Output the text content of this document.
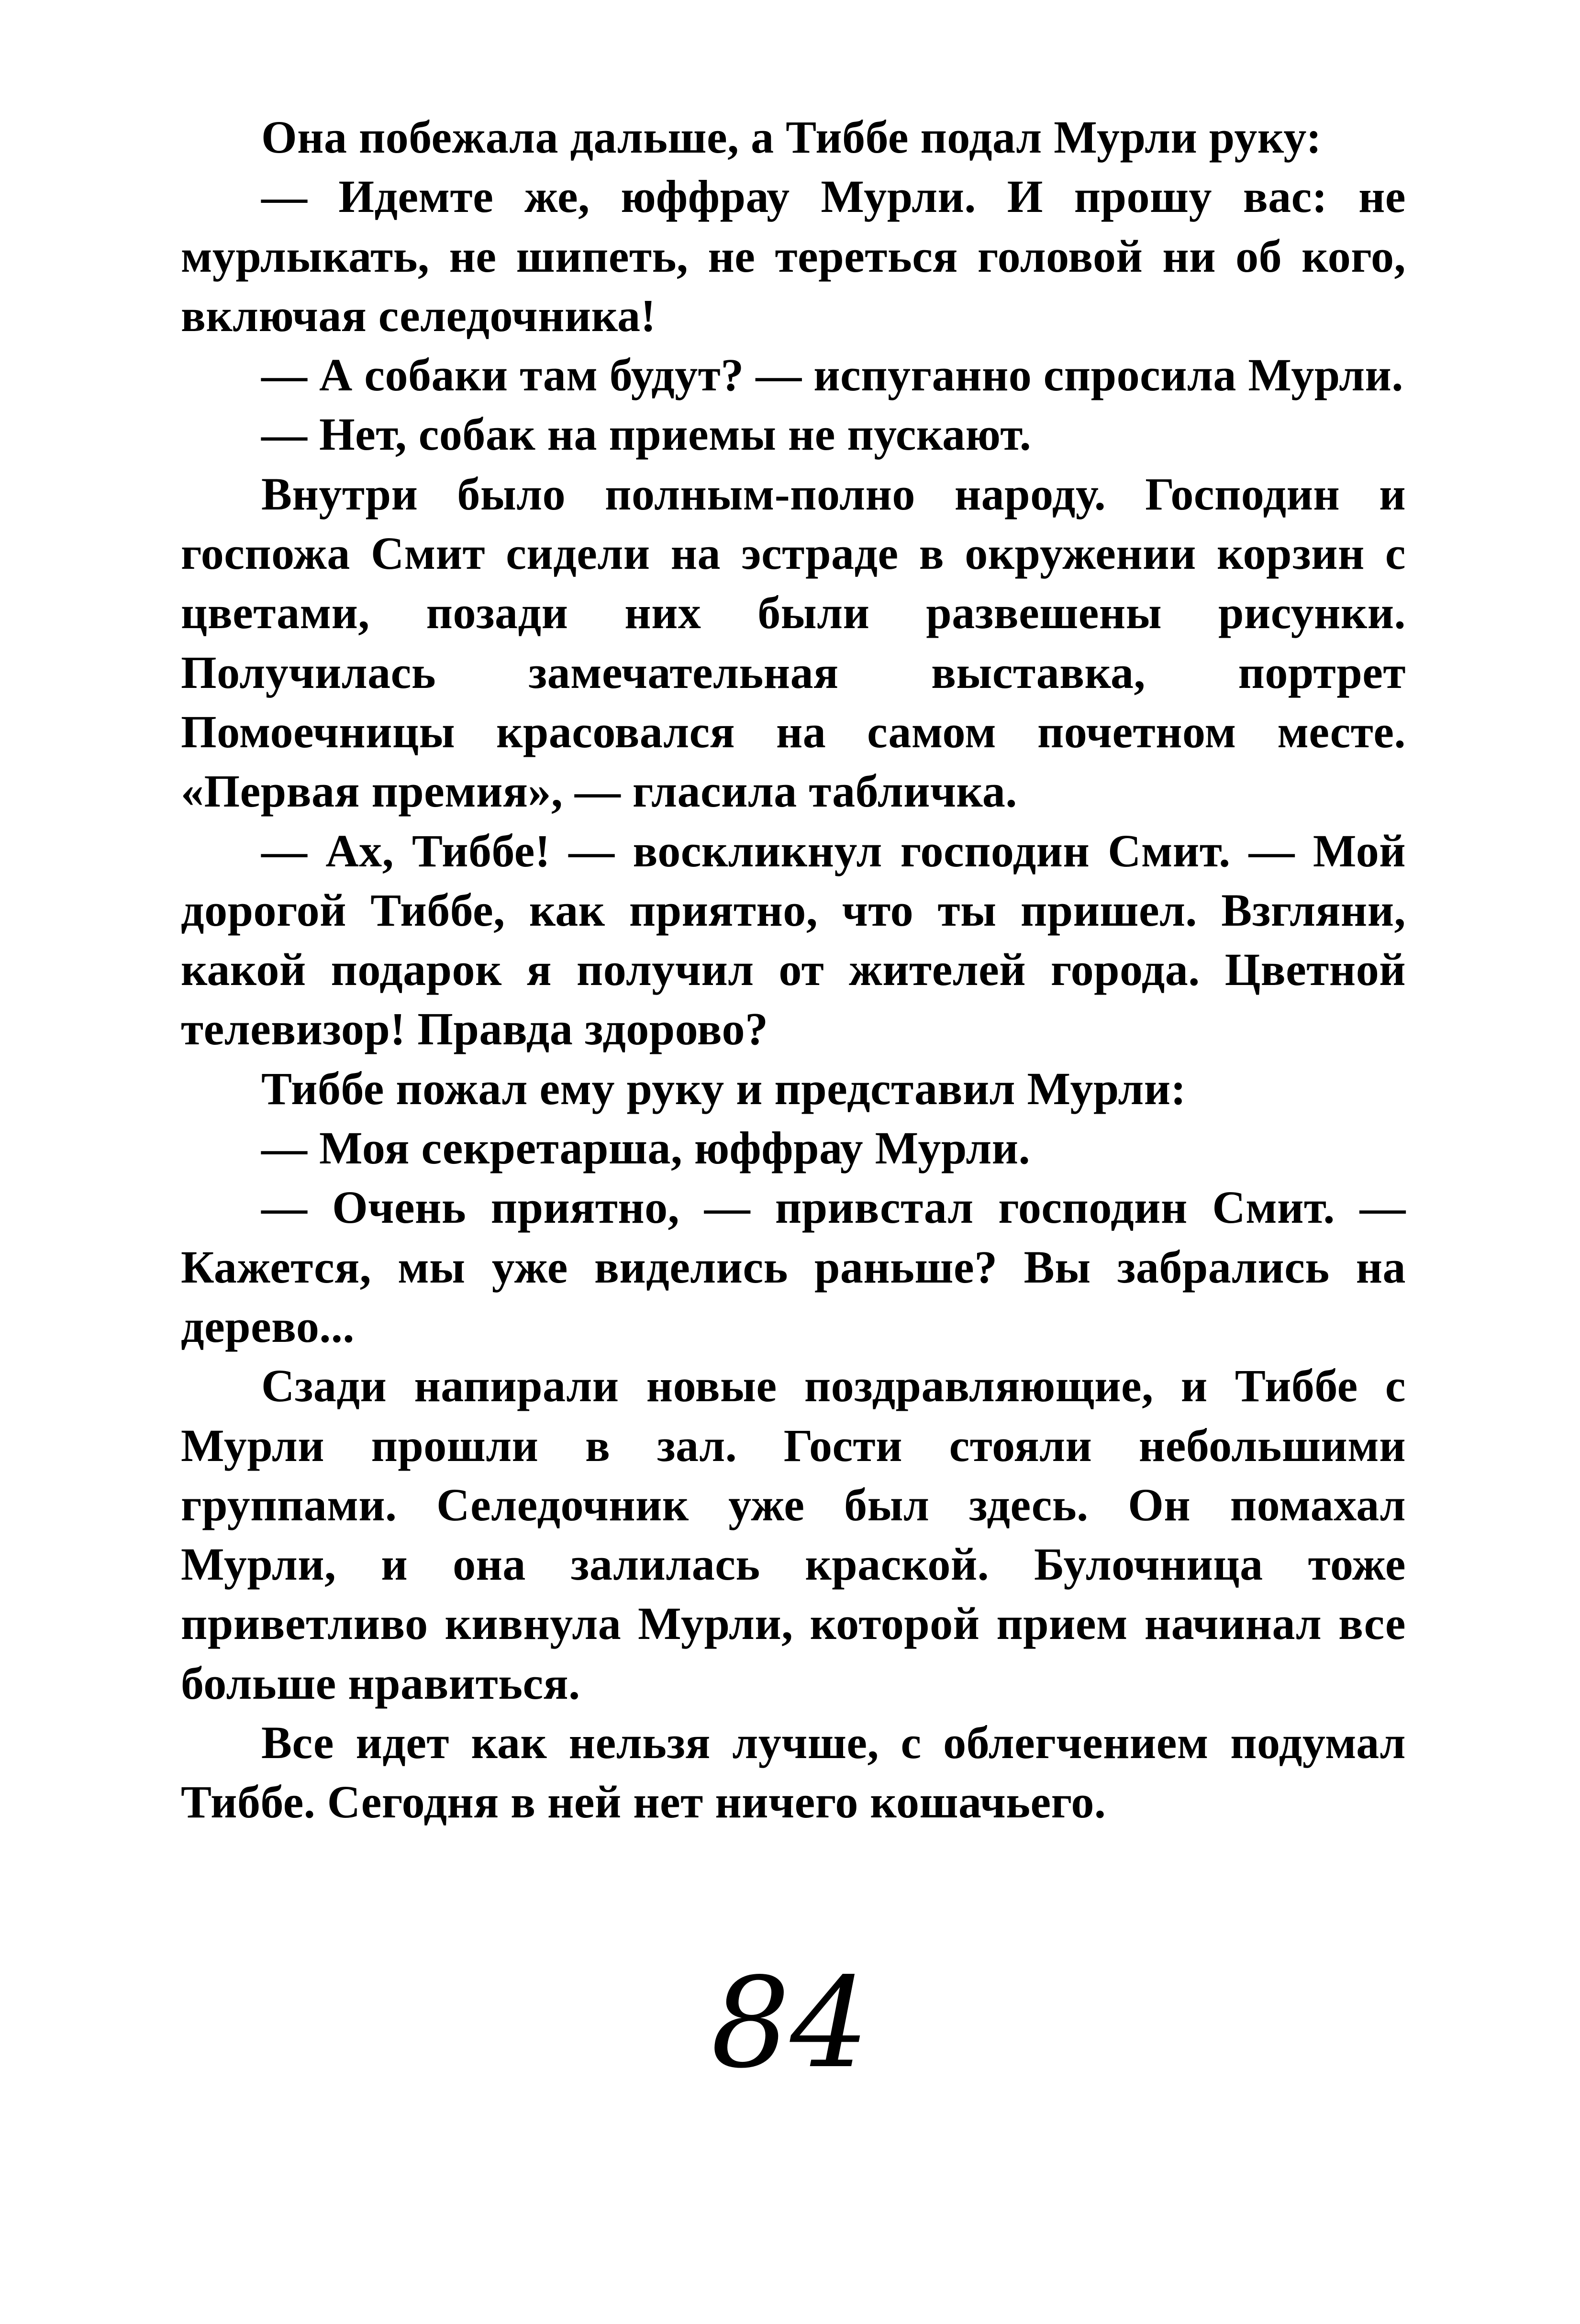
Она побежала дальше, а Тиббе подал Мурли руку:

— Идемте же, юффрау Мурли. И прошу вас: не мурлыкать, не шипеть, не тереться головой ни об кого, включая селедочника!

— А собаки там будут? — испуганно спросила Мурли.

— Нет, собак на приемы не пускают.

Внутри было полным-полно народу. Господин и госпожа Смит сидели на эстраде в окружении корзин с цветами, позади них были развешены рисунки. Получилась замечательная выставка, портрет Помоечницы красовался на самом почетном месте. «Первая премия», — гласила табличка.

— Ах, Тиббе! — воскликнул господин Смит. — Мой дорогой Тиббе, как приятно, что ты пришел. Взгляни, какой подарок я получил от жителей города. Цветной телевизор! Правда здорово?

Тиббе пожал ему руку и представил Мурли:

— Моя секретарша, юффрау Мурли.

— Очень приятно, — привстал господин Смит. — Кажется, мы уже виделись раньше? Вы забрались на дерево...

Сзади напирали новые поздравляющие, и Тиббе с Мурли прошли в зал. Гости стояли небольшими группами. Селедочник уже был здесь. Он помахал Мурли, и она залилась краской. Булочница тоже приветливо кивнула Мурли, которой прием начинал все больше нравиться.

Все идет как нельзя лучше, с облегчением подумал Тиббе. Сегодня в ней нет ничего кошачьего.

84
